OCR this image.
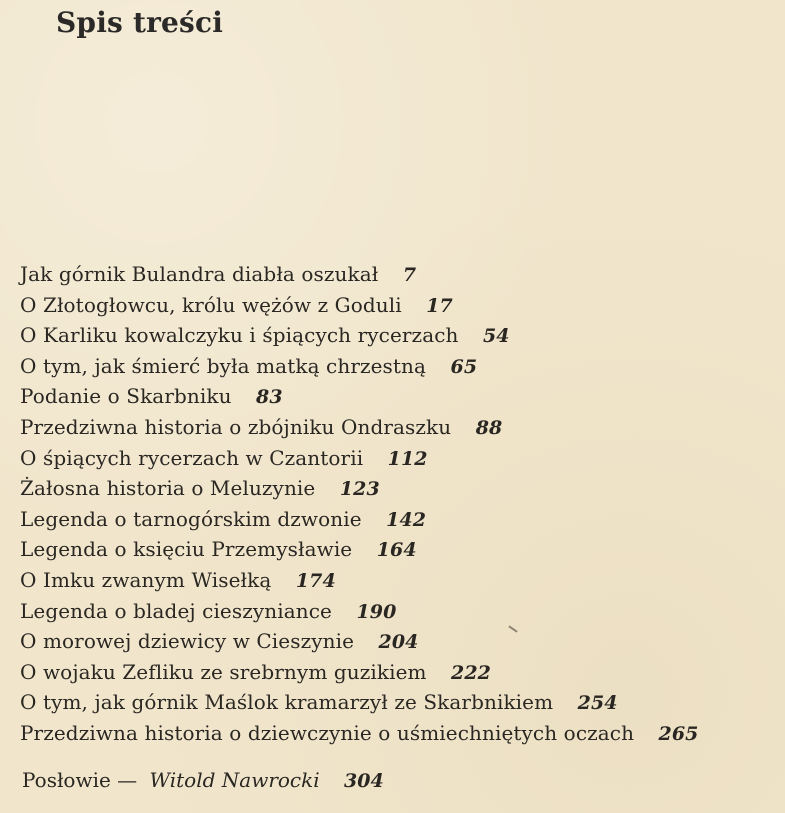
Spis treści
Jak górnik Bulandra diabła oszukał 7
O Złotogłowcu, królu wężów z Goduli 17
O Karliku kowalczyku i śpiących rycerzach 54
O tym, jak śmierć była matką chrzestną 65
Podanie o Skarbniku 83
Przedziwna historia o zbójniku Ondraszku 88
O śpiących rycerzach w Czantorii 112
Żałosna historia o Meluzynie 123
Legenda o tarnogórskim dzwonie 142
Legenda o księciu Przemysławie 164
O Imku zwanym Wisełką 174
Legenda o bladej cieszyniance 190
O morowej dziewicy w Cieszynie 204
O wojaku Zefliku ze srebrnym guzikiem 222
O tym, jak górnik Maślok kramarzył ze Skarbnikiem 254
Przedziwna historia o dziewczynie o uśmiechniętych oczach 265
Posłowie — Witold Nawrocki 304
